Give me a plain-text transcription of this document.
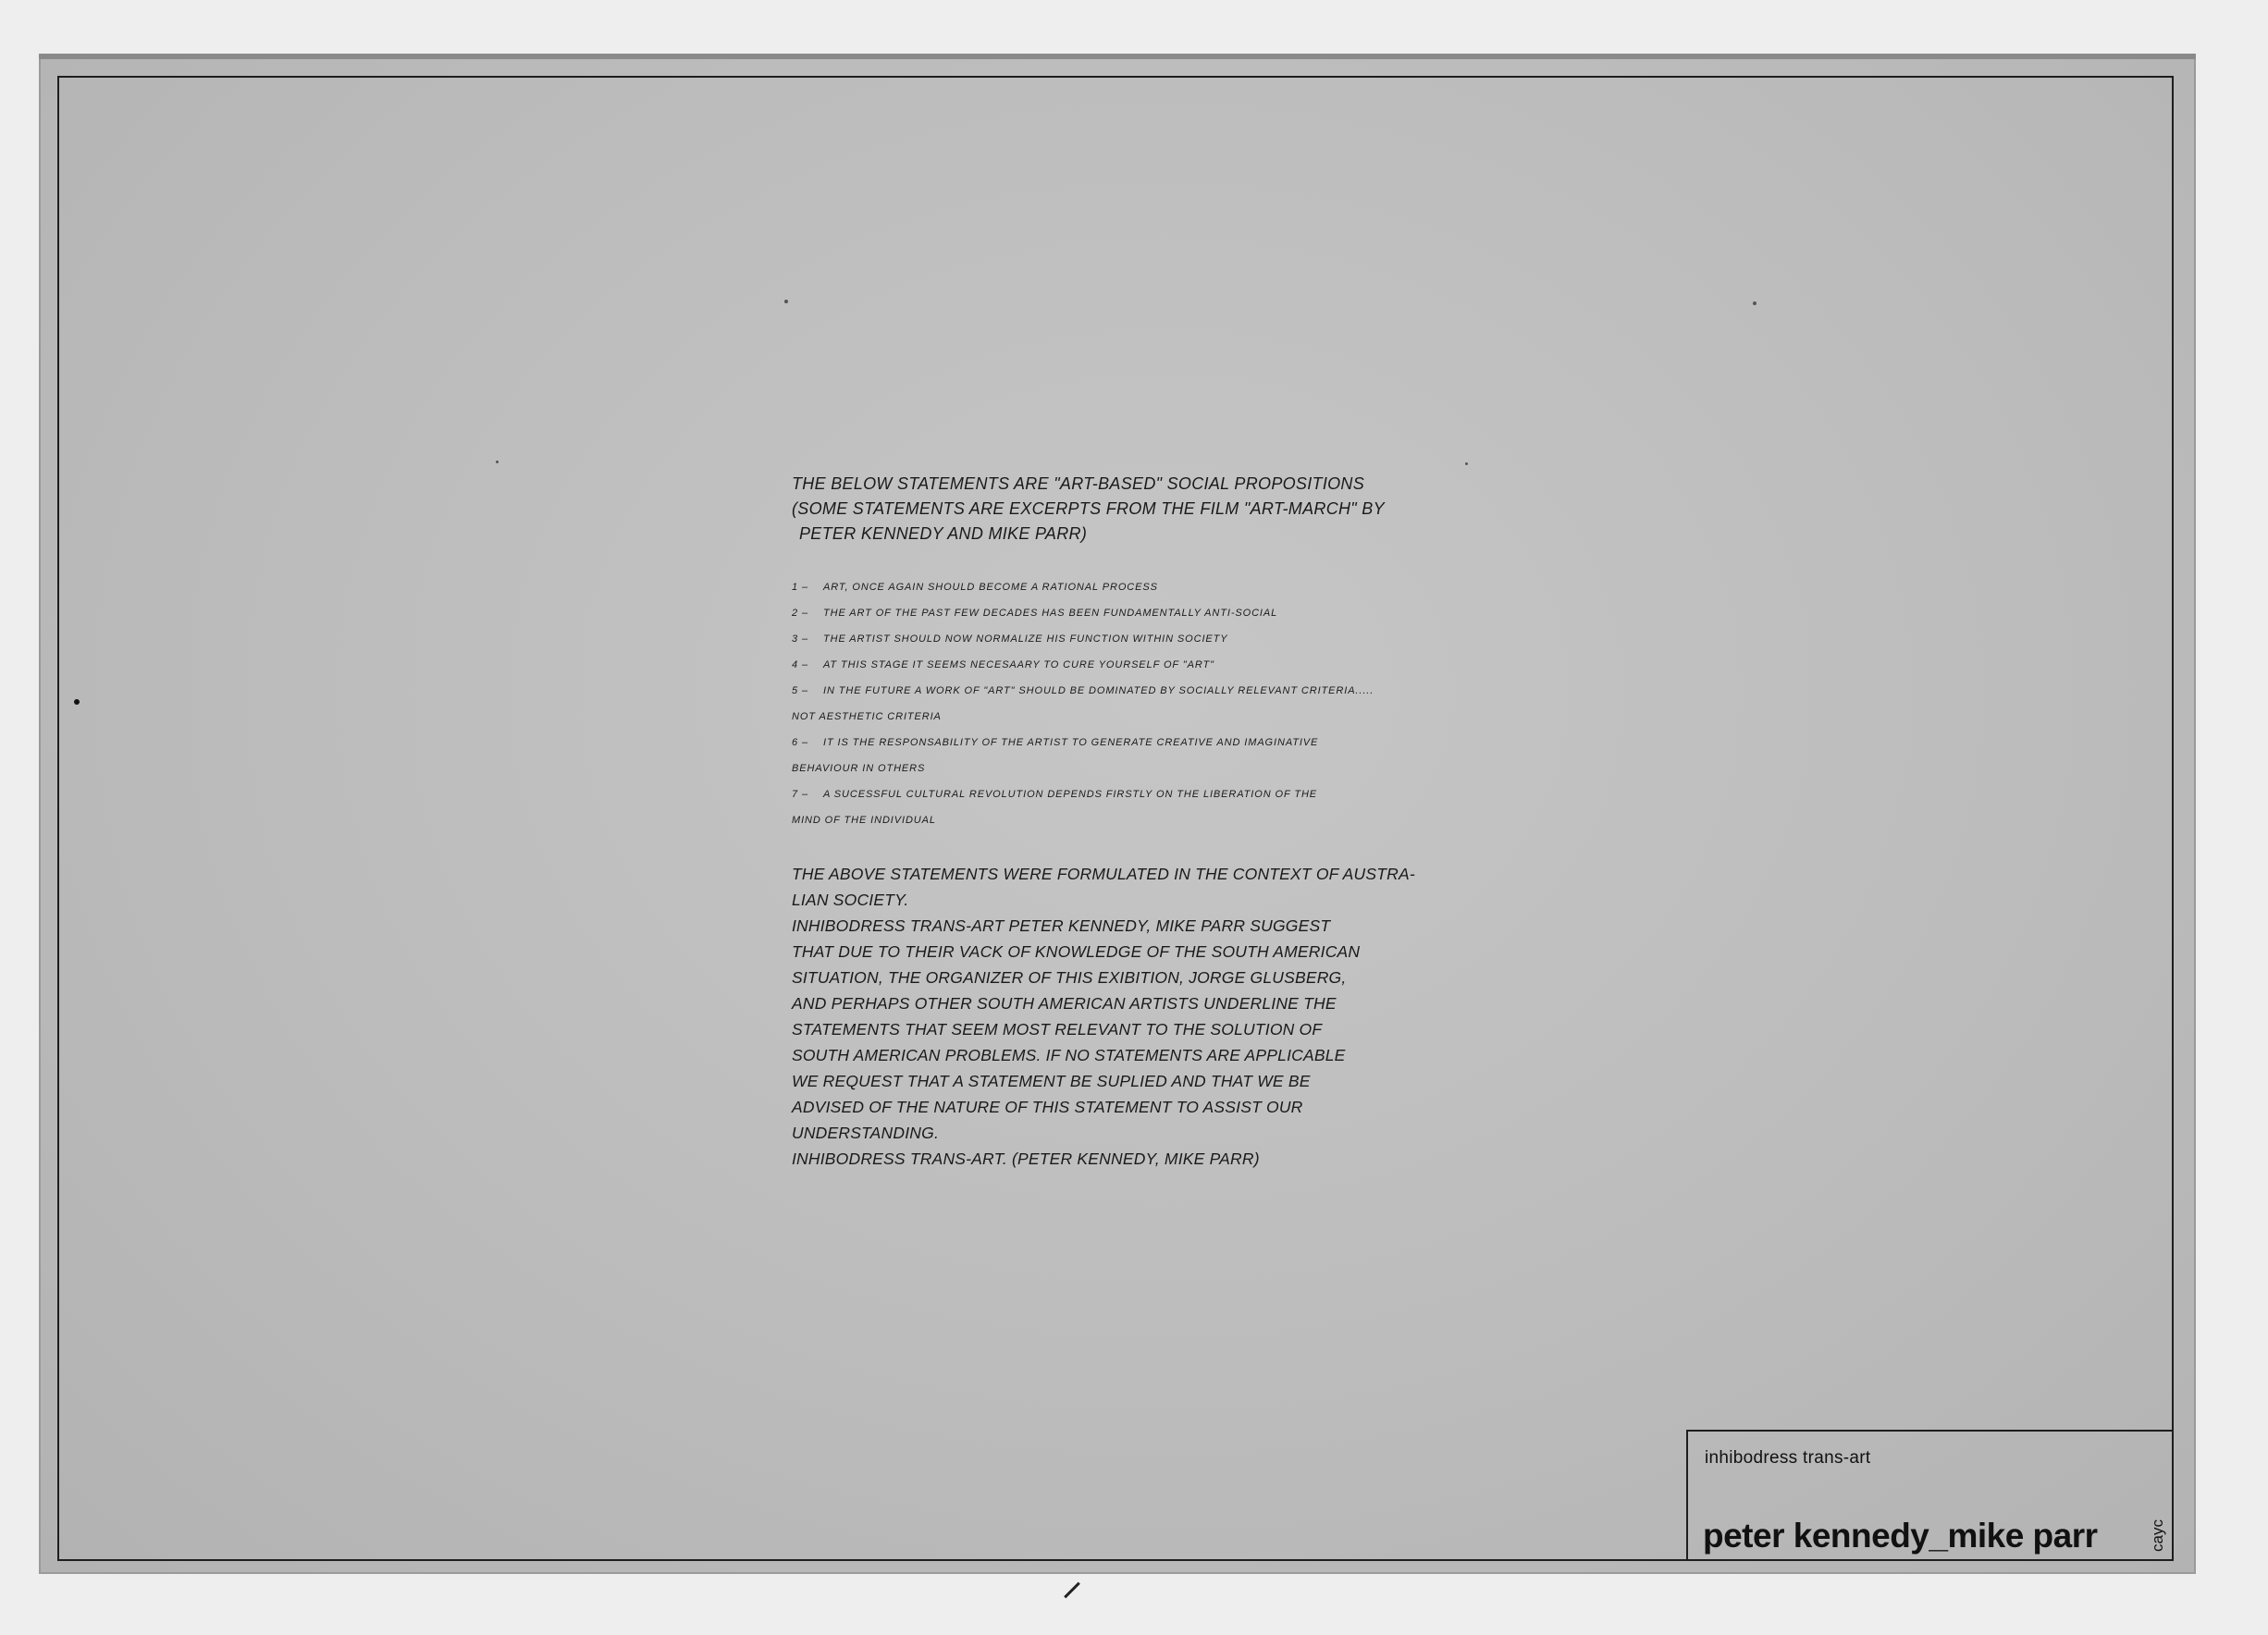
THE BELOW STATEMENTS ARE "ART-BASED" SOCIAL PROPOSITIONS
(SOME STATEMENTS ARE EXCERPTS FROM THE FILM "ART-MARCH" BY
PETER KENNEDY AND MIKE PARR)
1 –	ART, ONCE AGAIN SHOULD BECOME A RATIONAL PROCESS
2 –	THE ART OF THE PAST FEW DECADES HAS BEEN FUNDAMENTALLY ANTI-SOCIAL
3 –	THE ARTIST SHOULD NOW NORMALIZE HIS FUNCTION WITHIN SOCIETY
4 –	AT THIS STAGE IT SEEMS NECESAARY TO CURE YOURSELF OF "ART"
5 –	IN THE FUTURE A WORK OF "ART" SHOULD BE DOMINATED BY SOCIALLY RELEVANT CRITERIA.....
NOT AESTHETIC CRITERIA
6 –	IT IS THE RESPONSABILITY OF THE ARTIST TO GENERATE CREATIVE AND IMAGINATIVE
BEHAVIOUR IN OTHERS
7 –	A SUCESSFUL CULTURAL REVOLUTION DEPENDS FIRSTLY ON THE LIBERATION OF THE
MIND OF THE INDIVIDUAL
THE ABOVE STATEMENTS WERE FORMULATED IN THE CONTEXT OF AUSTRA-
LIAN SOCIETY.
INHIBODRESS TRANS-ART PETER KENNEDY, MIKE PARR SUGGEST
THAT DUE TO THEIR VACK OF KNOWLEDGE OF THE SOUTH AMERICAN
SITUATION, THE ORGANIZER OF THIS EXIBITION, JORGE GLUSBERG,
AND PERHAPS OTHER SOUTH AMERICAN ARTISTS UNDERLINE THE
STATEMENTS THAT SEEM MOST RELEVANT TO THE SOLUTION OF
SOUTH AMERICAN PROBLEMS. IF NO STATEMENTS ARE APPLICABLE
WE REQUEST THAT A STATEMENT BE SUPLIED AND THAT WE BE
ADVISED OF THE NATURE OF THIS STATEMENT TO ASSIST OUR
UNDERSTANDING.
INHIBODRESS TRANS-ART. (PETER KENNEDY, MIKE PARR)
inhibodress trans-art
peter kennedy_mike parr	cayc
